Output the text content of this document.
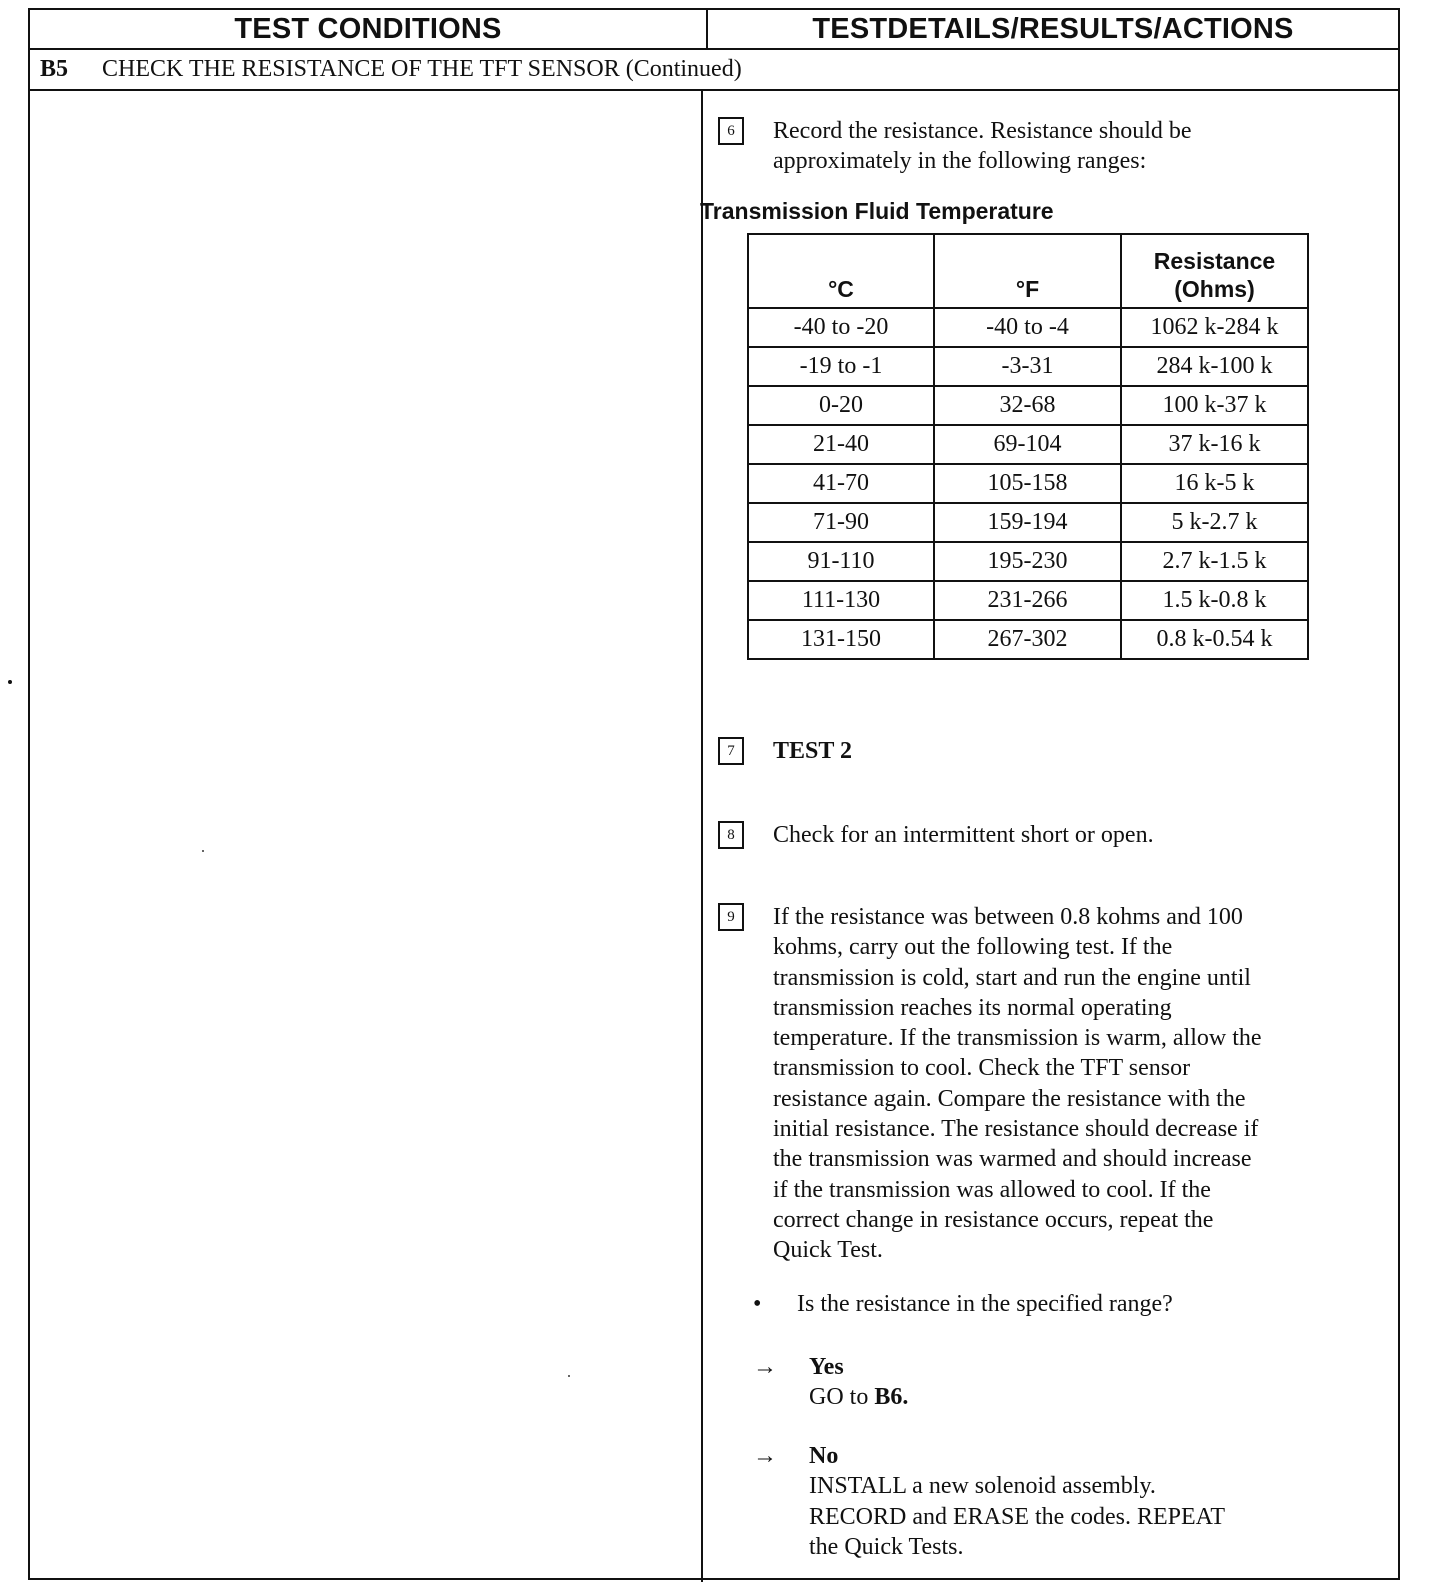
TEST CONDITIONS	TESTDETAILS/RESULTS/ACTIONS
B5	CHECK THE RESISTANCE OF THE TFT SENSOR (Continued)
6	Record the resistance. Resistance should be
approximately in the following ranges:
Transmission Fluid Temperature
°C	°F	Resistance
(Ohms)

-40 to -20	-40 to -4	1062 k-284 k
-19 to -1	-3-31	284 k-100 k
0-20	32-68	100 k-37 k
21-40	69-104	37 k-16 k
41-70	105-158	16 k-5 k
71-90	159-194	5 k-2.7 k
91-110	195-230	2.7 k-1.5 k
111-130	231-266	1.5 k-0.8 k
131-150	267-302	0.8 k-0.54 k
7	TEST 2
8	Check for an intermittent short or open.
9	If the resistance was between 0.8 kohms and 100
kohms, carry out the following test. If the
transmission is cold, start and run the engine until
transmission reaches its normal operating
temperature. If the transmission is warm, allow the
transmission to cool. Check the TFT sensor
resistance again. Compare the resistance with the
initial resistance. The resistance should decrease if
the transmission was warmed and should increase
if the transmission was allowed to cool. If the
correct change in resistance occurs, repeat the
Quick Test.
• Is the resistance in the specified range?
→ Yes
GO to B6.
→ No
INSTALL a new solenoid assembly.
RECORD and ERASE the codes. REPEAT
the Quick Tests.
